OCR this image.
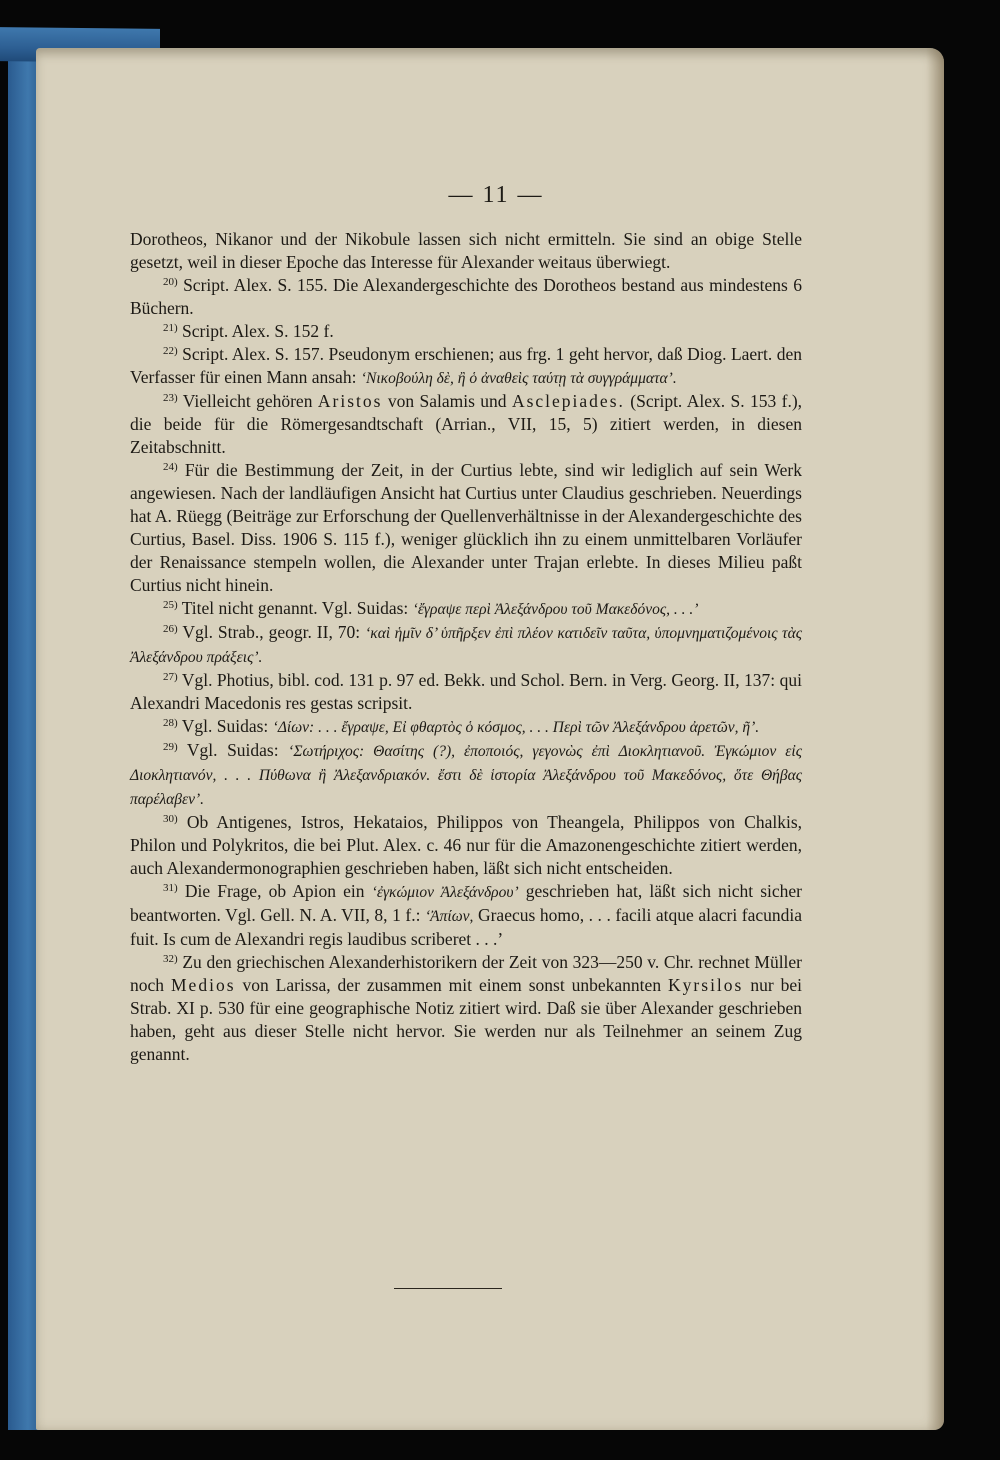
— 11 —

Dorotheos, Nikanor und der Nikobule lassen sich nicht ermitteln. Sie sind an obige Stelle gesetzt, weil in dieser Epoche das Interesse für Alexander weitaus überwiegt.

$^{20)}$ Script. Alex. S. 155. Die Alexandergeschichte des Dorotheos bestand aus mindestens 6 Büchern.

$^{21)}$ Script. Alex. S. 152 f.

$^{22)}$ Script. Alex. S. 157. Pseudonym erschienen; aus frg. 1 geht hervor, daß Diog. Laert. den Verfasser für einen Mann ansah: ‘Νικοβούλη δὲ, ἢ ὁ ἀναθεὶς ταύτῃ τὰ συγγράμματα’.

$^{23)}$ Vielleicht gehören Aristos von Salamis und Asclepiades. (Script. Alex. S. 153 f.), die beide für die Römergesandtschaft (Arrian., VII, 15, 5) zitiert werden, in diesen Zeitabschnitt.

$^{24)}$ Für die Bestimmung der Zeit, in der Curtius lebte, sind wir lediglich auf sein Werk angewiesen. Nach der landläufigen Ansicht hat Curtius unter Claudius geschrieben. Neuerdings hat A. Rüegg (Beiträge zur Erforschung der Quellenverhältnisse in der Alexandergeschichte des Curtius, Basel. Diss. 1906 S. 115 f.), weniger glücklich ihn zu einem unmittelbaren Vorläufer der Renaissance stempeln wollen, die Alexander unter Trajan erlebte. In dieses Milieu paßt Curtius nicht hinein.

$^{25)}$ Titel nicht genannt. Vgl. Suidas: ‘ἔγραψε περὶ Ἀλεξάνδρου τοῦ Μακεδόνος, . . .’

$^{26)}$ Vgl. Strab., geogr. II, 70: ‘καὶ ἡμῖν δ’ ὑπῆρξεν ἐπὶ πλέον κατιδεῖν ταῦτα, ὑπομνηματιζομένοις τὰς Ἀλεξάνδρου πράξεις’.

$^{27)}$ Vgl. Photius, bibl. cod. 131 p. 97 ed. Bekk. und Schol. Bern. in Verg. Georg. II, 137: qui Alexandri Macedonis res gestas scripsit.

$^{28)}$ Vgl. Suidas: ‘Δίων: . . . ἔγραψε, Εἰ φθαρτὸς ὁ κόσμος, . . . Περὶ τῶν Ἀλεξάνδρου ἀρετῶν, ῆ’.

$^{29)}$ Vgl. Suidas: ‘Σωτήριχος: Θασίτης (?), ἐποποιός, γεγονὼς ἐπὶ Διοκλητιανοῦ. Ἐγκώμιον εἰς Διοκλητιανόν, . . . Πύθωνα ἢ Ἀλεξανδριακόν. ἔστι δὲ ἱστορία Ἀλεξάνδρου τοῦ Μακεδόνος, ὅτε Θήβας παρέλαβεν’.

$^{30)}$ Ob Antigenes, Istros, Hekataios, Philippos von Theangela, Philippos von Chalkis, Philon und Polykritos, die bei Plut. Alex. c. 46 nur für die Amazonengeschichte zitiert werden, auch Alexandermonographien geschrieben haben, läßt sich nicht entscheiden.

$^{31)}$ Die Frage, ob Apion ein ‘ἐγκώμιον Ἀλεξάνδρου’ geschrieben hat, läßt sich nicht sicher beantworten. Vgl. Gell. N. A. VII, 8, 1 f.: ‘Ἀπίων, Graecus homo, . . . facili atque alacri facundia fuit. Is cum de Alexandri regis laudibus scriberet . . .’

$^{32)}$ Zu den griechischen Alexanderhistorikern der Zeit von 323—250 v. Chr. rechnet Müller noch Medios von Larissa, der zusammen mit einem sonst unbekannten Kyrsilos nur bei Strab. XI p. 530 für eine geographische Notiz zitiert wird. Daß sie über Alexander geschrieben haben, geht aus dieser Stelle nicht hervor. Sie werden nur als Teilnehmer an seinem Zug genannt.
